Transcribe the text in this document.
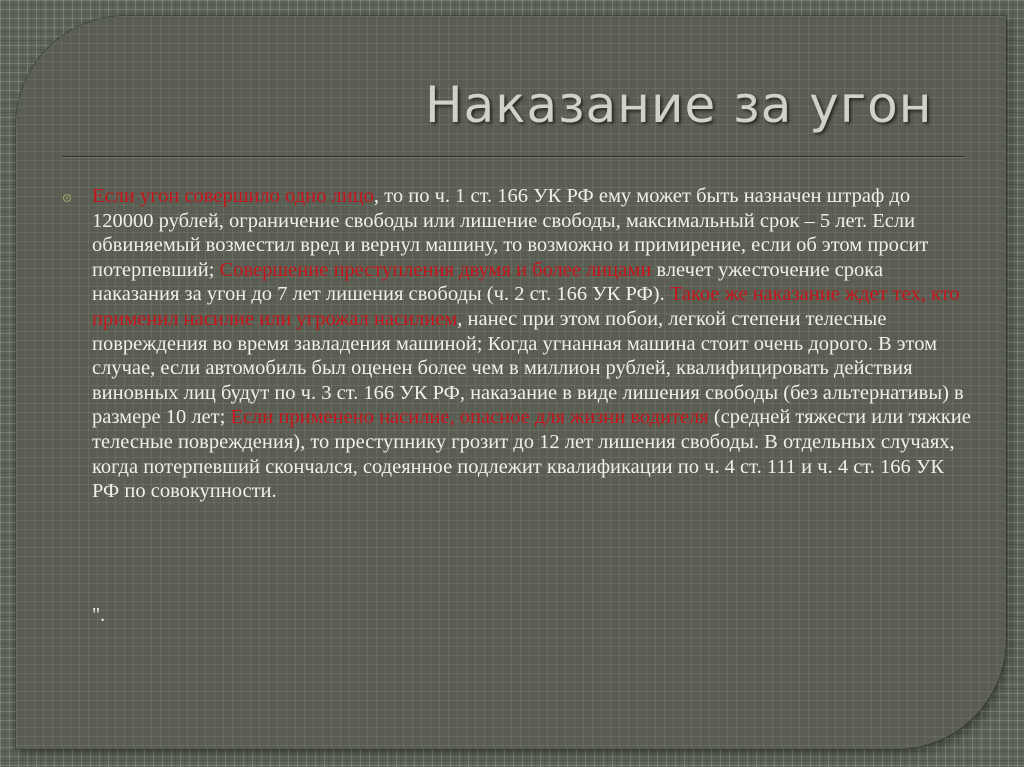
Наказание за угон

Если угон совершило одно лицо, то по ч. 1 ст. 166 УК РФ ему может быть назначен штраф до 120000 рублей, ограничение свободы или лишение свободы, максимальный срок – 5 лет. Если обвиняемый возместил вред и вернул машину, то возможно и примирение, если об этом просит потерпевший; Совершение преступления двумя и более лицами влечет ужесточение срока наказания за угон до 7 лет лишения свободы (ч. 2 ст. 166 УК РФ). Такое же наказание ждет тех, кто применил насилие или угрожал насилием, нанес при этом побои, легкой степени телесные повреждения во время завладения машиной; Когда угнанная машина стоит очень дорого. В этом случае, если автомобиль был оценен более чем в миллион рублей, квалифицировать действия виновных лиц будут по ч. 3 ст. 166 УК РФ, наказание в виде лишения свободы (без альтернативы) в размере 10 лет; Если применено насилие, опасное для жизни водителя (средней тяжести или тяжкие телесные повреждения), то преступнику грозит до 12 лет лишения свободы. В отдельных случаях, когда потерпевший скончался, содеянное подлежит квалификации по ч. 4 ст. 111 и ч. 4 ст. 166 УК РФ по совокупности.

".
